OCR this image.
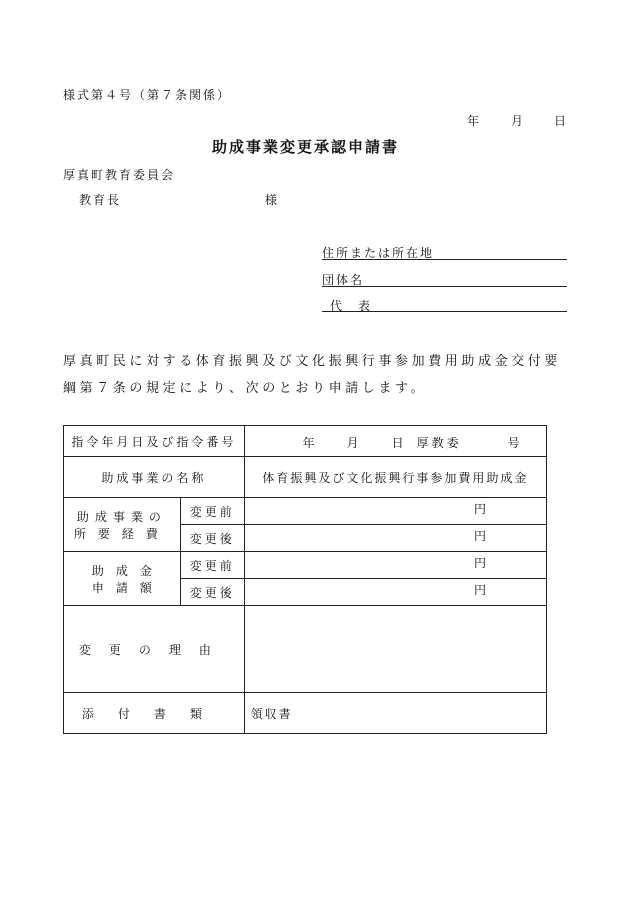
様式第４号（第７条関係）
年	月	日
助成事業変更承認申請書
厚真町教育委員会
教育長	様
住所または所在地
団体名
代　表
厚真町民に対する体育振興及び文化振興行事参加費用助成金交付要
綱第７条の規定により、次のとおり申請します。
指令年月日及び指令番号		年 月 日 厚教委 号

助成事業の名称		体育振興及び文化振興行事参加費用助成金

助成事業の
所要経費	変更前	円
	変更後	円

助　成　金
申　請　額	変更前	円
	変更後	円
変更の理由		
添付書類		領収書
